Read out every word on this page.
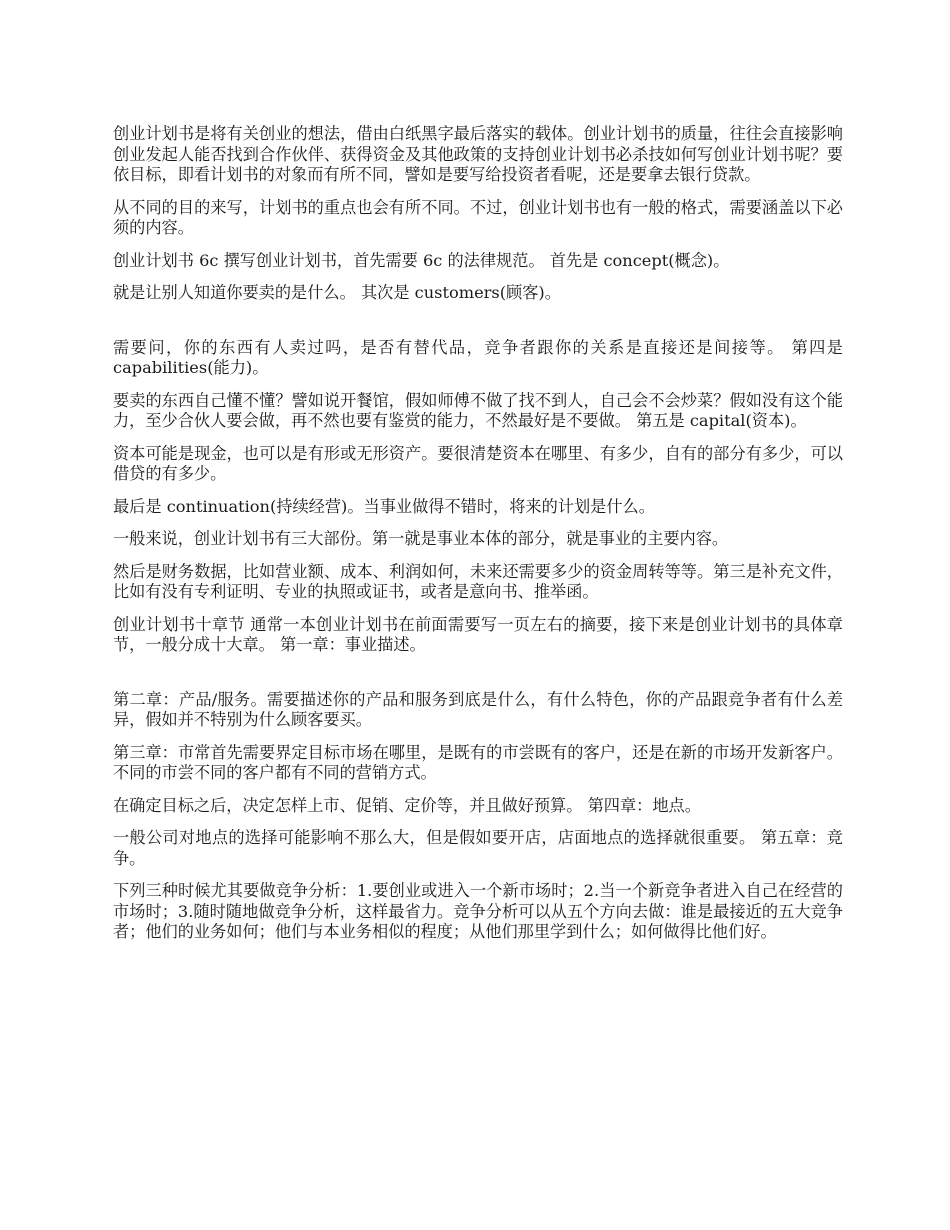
创业计划书是将有关创业的想法，借由白纸黑字最后落实的载体。创业计划书的质量，往往会直接影响创业发起人能否找到合作伙伴、获得资金及其他政策的支持创业计划书必杀技如何写创业计划书呢？要依目标，即看计划书的对象而有所不同，譬如是要写给投资者看呢，还是要拿去银行贷款。

从不同的目的来写，计划书的重点也会有所不同。不过，创业计划书也有一般的格式，需要涵盖以下必须的内容。

创业计划书 6c 撰写创业计划书，首先需要 6c 的法律规范。 首先是 concept(概念)。

就是让别人知道你要卖的是什么。 其次是 customers(顾客)。

需要问，你的东西有人卖过吗，是否有替代品，竞争者跟你的关系是直接还是间接等。 第四是 capabilities(能力)。

要卖的东西自己懂不懂？譬如说开餐馆，假如师傅不做了找不到人，自己会不会炒菜？假如没有这个能力，至少合伙人要会做，再不然也要有鉴赏的能力，不然最好是不要做。 第五是 capital(资本)。

资本可能是现金，也可以是有形或无形资产。要很清楚资本在哪里、有多少，自有的部分有多少，可以借贷的有多少。

最后是 continuation(持续经营)。当事业做得不错时，将来的计划是什么。

一般来说，创业计划书有三大部份。第一就是事业本体的部分，就是事业的主要内容。

然后是财务数据，比如营业额、成本、利润如何，未来还需要多少的资金周转等等。第三是补充文件，比如有没有专利证明、专业的执照或证书，或者是意向书、推举函。

创业计划书十章节 通常一本创业计划书在前面需要写一页左右的摘要，接下来是创业计划书的具体章节，一般分成十大章。 第一章：事业描述。

第二章：产品/服务。需要描述你的产品和服务到底是什么，有什么特色，你的产品跟竞争者有什么差异，假如并不特别为什么顾客要买。

第三章：市常首先需要界定目标市场在哪里，是既有的市尝既有的客户，还是在新的市场开发新客户。不同的市尝不同的客户都有不同的营销方式。

在确定目标之后，决定怎样上市、促销、定价等，并且做好预算。 第四章：地点。

一般公司对地点的选择可能影响不那么大，但是假如要开店，店面地点的选择就很重要。 第五章：竞争。

下列三种时候尤其要做竞争分析：1.要创业或进入一个新市场时；2.当一个新竞争者进入自己在经营的市场时；3.随时随地做竞争分析，这样最省力。竞争分析可以从五个方向去做：谁是最接近的五大竞争者；他们的业务如何；他们与本业务相似的程度；从他们那里学到什么；如何做得比他们好。
